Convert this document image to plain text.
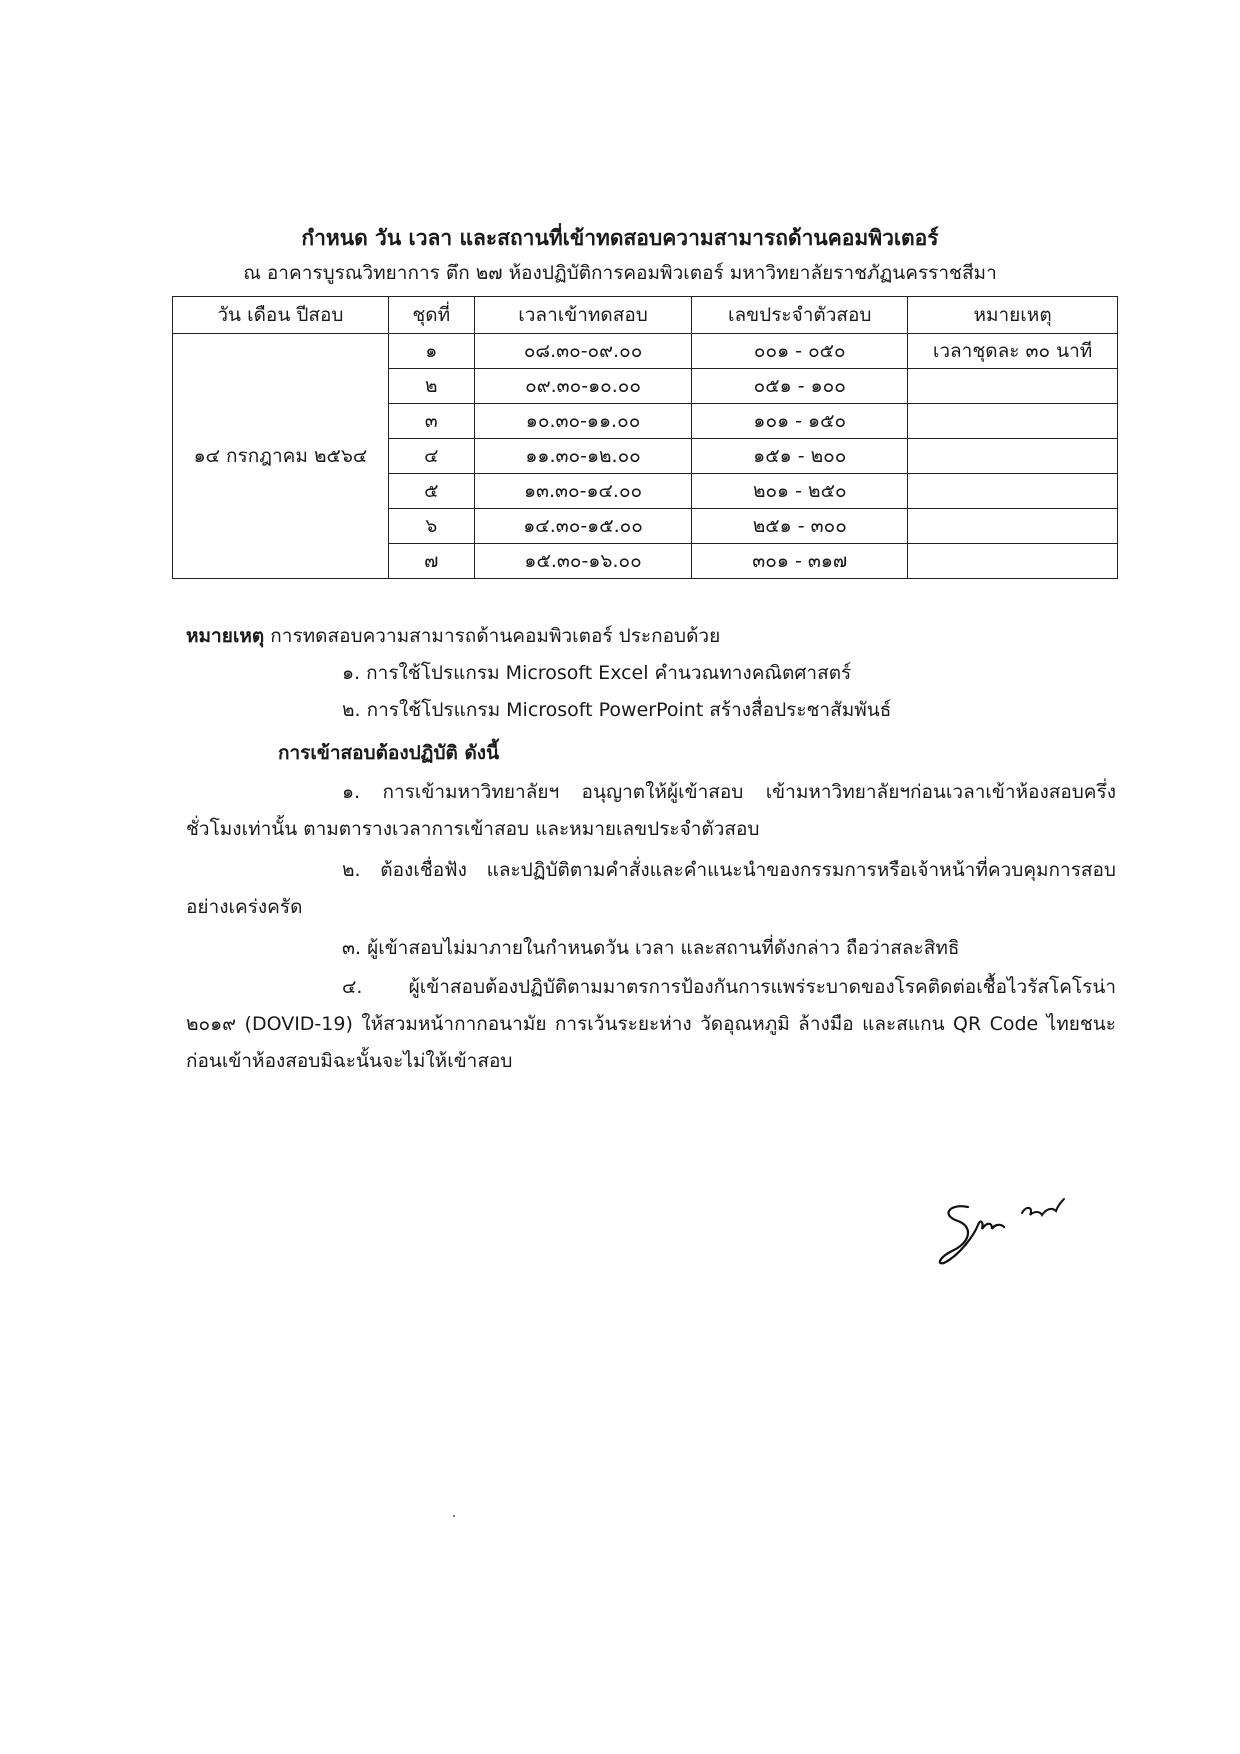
กำหนด วัน เวลา และสถานที่เข้าทดสอบความสามารถด้านคอมพิวเตอร์
ณ อาคารบูรณวิทยาการ ตึก ๒๗ ห้องปฏิบัติการคอมพิวเตอร์ มหาวิทยาลัยราชภัฏนครราชสีมา
วัน เดือน ปีสอบ	ชุดที่	เวลาเข้าทดสอบ	เลขประจำตัวสอบ	หมายเหตุ
๑๔ กรกฎาคม ๒๕๖๔	๑	๐๘.๓๐-๐๙.๐๐	๐๐๑ - ๐๕๐	เวลาชุดละ ๓๐ นาที
	๒	๐๙.๓๐-๑๐.๐๐	๐๕๑ - ๑๐๐	
	๓	๑๐.๓๐-๑๑.๐๐	๑๐๑ - ๑๕๐	
	๔	๑๑.๓๐-๑๒.๐๐	๑๕๑ - ๒๐๐	
	๕	๑๓.๓๐-๑๔.๐๐	๒๐๑ - ๒๕๐	
	๖	๑๔.๓๐-๑๕.๐๐	๒๕๑ - ๓๐๐	
	๗	๑๕.๓๐-๑๖.๐๐	๓๐๑ - ๓๑๗	
หมายเหตุ การทดสอบความสามารถด้านคอมพิวเตอร์ ประกอบด้วย
๑. การใช้โปรแกรม Microsoft Excel คำนวณทางคณิตศาสตร์
๒. การใช้โปรแกรม Microsoft PowerPoint สร้างสื่อประชาสัมพันธ์
การเข้าสอบต้องปฏิบัติ ดังนี้
๑. การเข้ามหาวิทยาลัยฯ อนุญาตให้ผู้เข้าสอบ เข้ามหาวิทยาลัยฯก่อนเวลาเข้าห้องสอบครึ่งชั่วโมงเท่านั้น ตามตารางเวลาการเข้าสอบ และหมายเลขประจำตัวสอบ
๒. ต้องเชื่อฟัง และปฏิบัติตามคำสั่งและคำแนะนำของกรรมการหรือเจ้าหน้าที่ควบคุมการสอบอย่างเคร่งครัด
๓. ผู้เข้าสอบไม่มาภายในกำหนดวัน เวลา และสถานที่ดังกล่าว ถือว่าสละสิทธิ
๔. ผู้เข้าสอบต้องปฏิบัติตามมาตรการป้องกันการแพร่ระบาดของโรคติดต่อเชื้อไวรัสโคโรน่า ๒๐๑๙ (DOVID-19) ให้สวมหน้ากากอนามัย การเว้นระยะห่าง วัดอุณหภูมิ ล้างมือ และสแกน QR Code ไทยชนะ ก่อนเข้าห้องสอบมิฉะนั้นจะไม่ให้เข้าสอบ
